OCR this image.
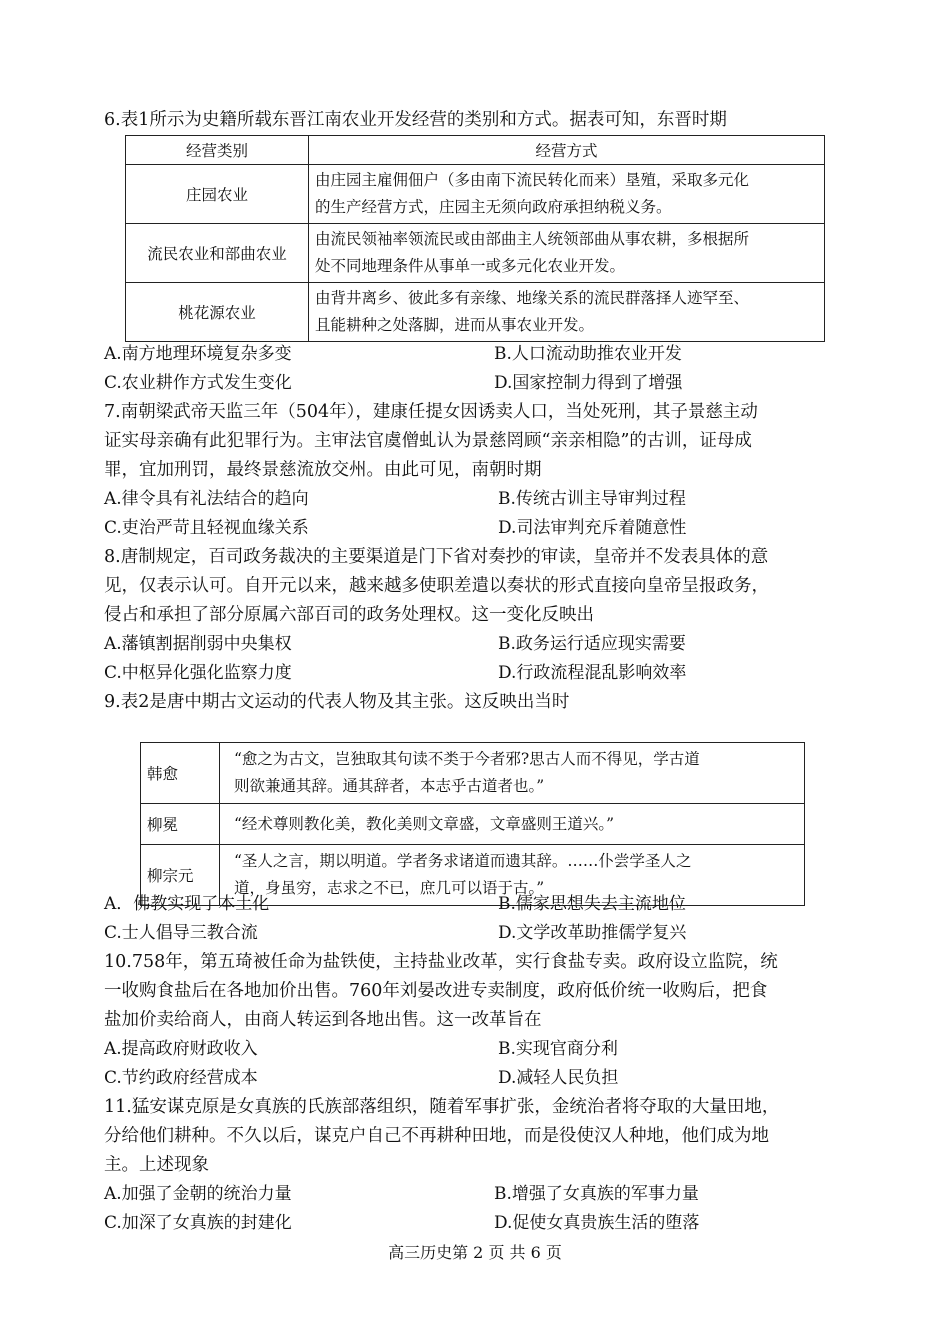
6.表1所示为史籍所载东晋江南农业开发经营的类别和方式。据表可知，东晋时期
经营类别	经营方式
庄园农业	由庄园主雇佣佃户（多由南下流民转化而来）垦殖，采取多元化
的生产经营方式，庄园主无须向政府承担纳税义务。

流民农业和部曲农业	由流民领袖率领流民或由部曲主人统领部曲从事农耕，多根据所
处不同地理条件从事单一或多元化农业开发。

桃花源农业	由背井离乡、彼此多有亲缘、地缘关系的流民群落择人迹罕至、
且能耕种之处落脚，进而从事农业开发。
A.南方地理环境复杂多变	B.人口流动助推农业开发
C.农业耕作方式发生变化	D.国家控制力得到了增强
7.南朝梁武帝天监三年（504年），建康任提女因诱卖人口，当处死刑，其子景慈主动
证实母亲确有此犯罪行为。主审法官虞僧虬认为景慈罔顾“亲亲相隐”的古训，证母成
罪，宜加刑罚，最终景慈流放交州。由此可见，南朝时期
A.律令具有礼法结合的趋向	B.传统古训主导审判过程
C.吏治严苛且轻视血缘关系	D.司法审判充斥着随意性
8.唐制规定，百司政务裁决的主要渠道是门下省对奏抄的审读，皇帝并不发表具体的意
见，仅表示认可。自开元以来，越来越多使职差遣以奏状的形式直接向皇帝呈报政务，
侵占和承担了部分原属六部百司的政务处理权。这一变化反映出
A.藩镇割据削弱中央集权	B.政务运行适应现实需要
C.中枢异化强化监察力度	D.行政流程混乱影响效率
9.表2是唐中期古文运动的代表人物及其主张。这反映出当时
韩愈	“愈之为古文，岂独取其句读不类于今者邪?思古人而不得见，学古道
则欲兼通其辞。通其辞者，本志乎古道者也。”

柳冕	“经术尊则教化美，教化美则文章盛，文章盛则王道兴。”

柳宗元	“圣人之言，期以明道。学者务求诸道而遗其辞。……仆尝学圣人之
道，身虽穷，志求之不已，庶几可以语于古。”
A．佛教实现了本土化	B.儒家思想失去主流地位
C.士人倡导三教合流	D.文学改革助推儒学复兴
10.758年，第五琦被任命为盐铁使，主持盐业改革，实行食盐专卖。政府设立监院，统
一收购食盐后在各地加价出售。760年刘晏改进专卖制度，政府低价统一收购后，把食
盐加价卖给商人，由商人转运到各地出售。这一改革旨在
A.提高政府财政收入	B.实现官商分利
C.节约政府经营成本	D.减轻人民负担
11.猛安谋克原是女真族的氏族部落组织，随着军事扩张，金统治者将夺取的大量田地，
分给他们耕种。不久以后，谋克户自己不再耕种田地，而是役使汉人种地，他们成为地
主。上述现象
A.加强了金朝的统治力量	B.增强了女真族的军事力量
C.加深了女真族的封建化	D.促使女真贵族生活的堕落
高三历史第 2 页 共 6 页
